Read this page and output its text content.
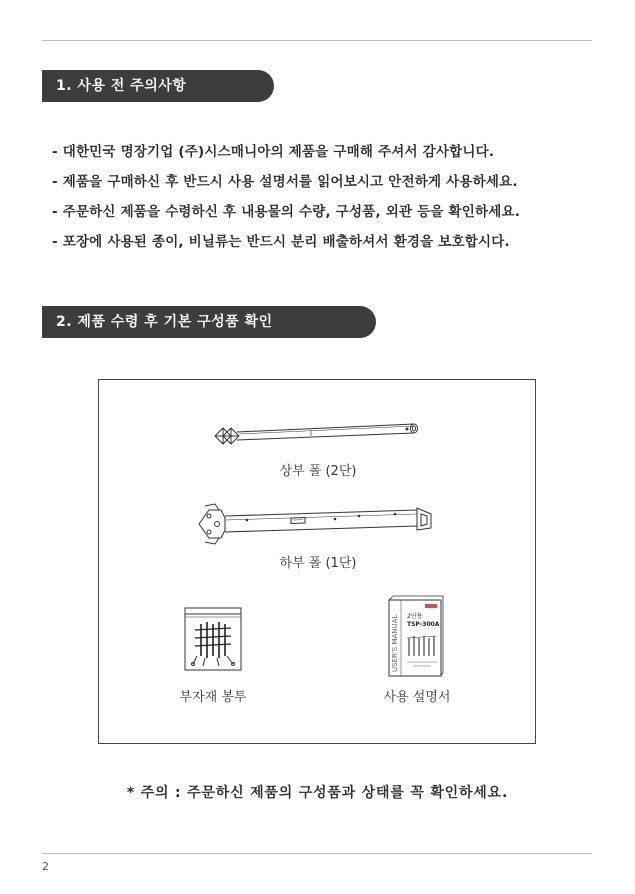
1. 사용 전 주의사항
- 대한민국 명장기업 (주)시스매니아의 제품을 구매해 주셔서 감사합니다.
- 제품을 구매하신 후 반드시 사용 설명서를 읽어보시고 안전하게 사용하세요.
- 주문하신 제품을 수령하신 후 내용물의 수량, 구성품, 외관 등을 확인하세요.
- 포장에 사용된 종이, 비닐류는 반드시 분리 배출하셔서 환경을 보호합시다.
2. 제품 수령 후 기본 구성품 확인
상부 폴 (2단)
하부 폴 (1단)
부자재 봉투
USER'S MANUAL 2단용
TSP-300A
사용 설명서
* 주의 : 주문하신 제품의 구성품과 상태를 꼭 확인하세요.
2
